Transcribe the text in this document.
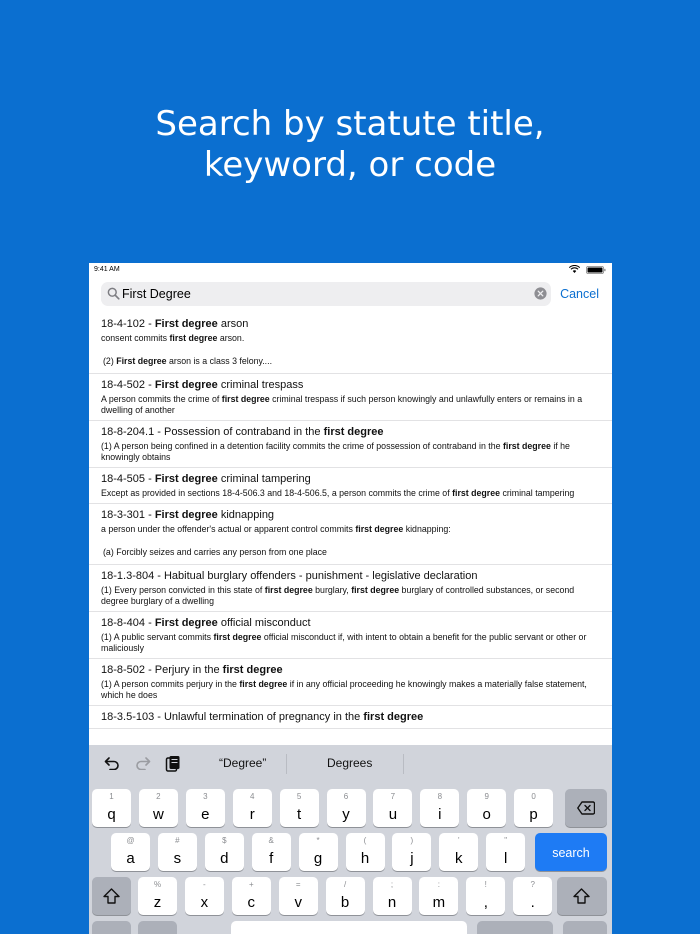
Search by statute title,
keyword, or code
9:41 AM
First Degree
Cancel
18-4-102 - First degree arson
consent commits first degree arson.
(2) First degree arson is a class 3 felony....
18-4-502 - First degree criminal trespass
A person commits the crime of first degree criminal trespass if such person knowingly and unlawfully enters or remains in a dwelling of another
18-8-204.1 - Possession of contraband in the first degree
(1) A person being confined in a detention facility commits the crime of possession of contraband in the first degree if he knowingly obtains
18-4-505 - First degree criminal tampering
Except as provided in sections 18-4-506.3 and 18-4-506.5, a person commits the crime of first degree criminal tampering
18-3-301 - First degree kidnapping
a person under the offender's actual or apparent control commits first degree kidnapping:
(a) Forcibly seizes and carries any person from one place
18-1.3-804 - Habitual burglary offenders - punishment - legislative declaration
(1) Every person convicted in this state of first degree burglary, first degree burglary of controlled substances, or second degree burglary of a dwelling
18-8-404 - First degree official misconduct
(1) A public servant commits first degree official misconduct if, with intent to obtain a benefit for the public servant or other or maliciously
18-8-502 - Perjury in the first degree
(1) A person commits perjury in the first degree if in any official proceeding he knowingly makes a materially false statement, which he does
18-3.5-103 - Unlawful termination of pregnancy in the first degree
“Degree”	Degrees
1
q
2
w
3
e
4
r
5
t
6
y
7
u
8
i
9
o
0
p
@
a
#
s
$
d
&
f
*
g
(
h
)
j
'
k
"
l	search
%
z
-
x
+
c
=
v
/
b
;
n
:
m
!
,
?
.
